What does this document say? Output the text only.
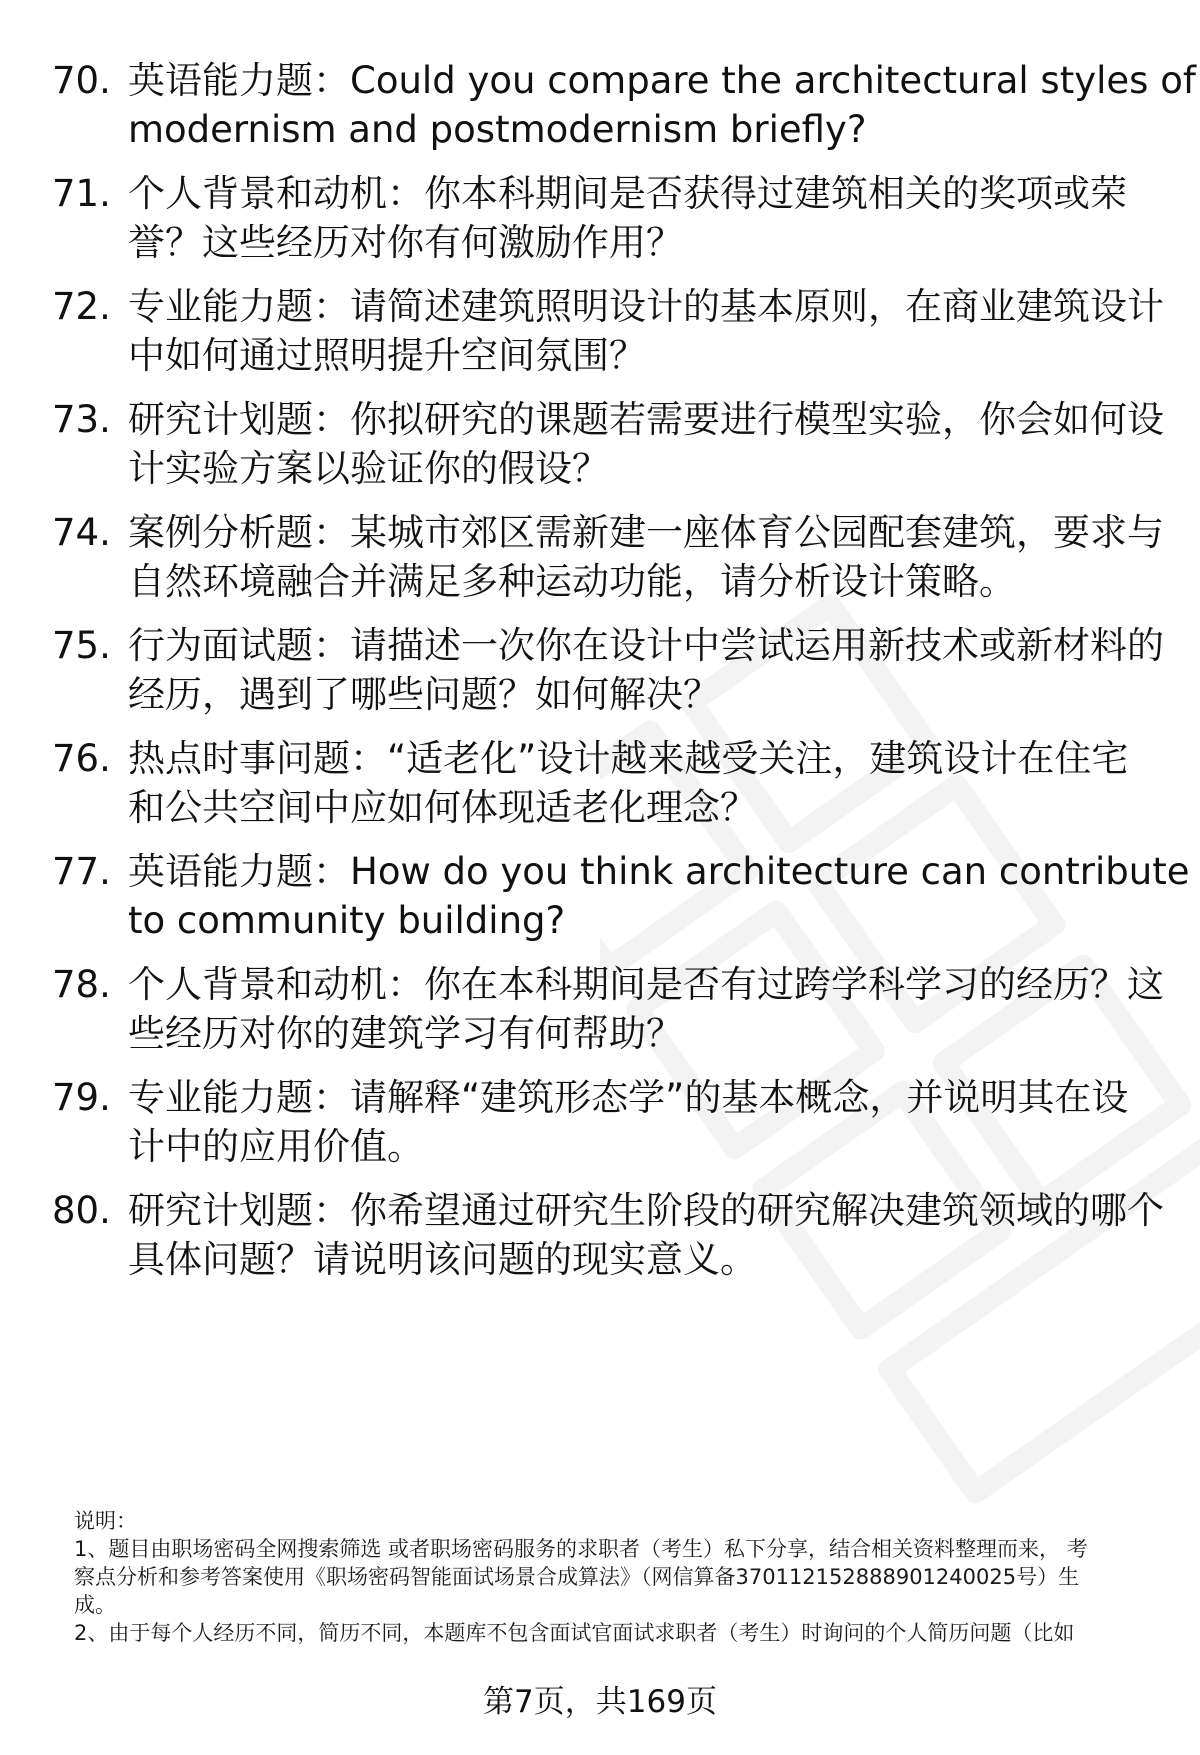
70. 英语能力题：Could you compare the architectural styles of
modernism and postmodernism briefly?
71. 个人背景和动机：你本科期间是否获得过建筑相关的奖项或荣
誉？这些经历对你有何激励作用？
72. 专业能力题：请简述建筑照明设计的基本原则，在商业建筑设计
中如何通过照明提升空间氛围？
73. 研究计划题：你拟研究的课题若需要进行模型实验，你会如何设
计实验方案以验证你的假设？
74. 案例分析题：某城市郊区需新建一座体育公园配套建筑，要求与
自然环境融合并满足多种运动功能，请分析设计策略。
75. 行为面试题：请描述一次你在设计中尝试运用新技术或新材料的
经历，遇到了哪些问题？如何解决？
76. 热点时事问题：“适老化”设计越来越受关注，建筑设计在住宅
和公共空间中应如何体现适老化理念？
77. 英语能力题：How do you think architecture can contribute
to community building?
78. 个人背景和动机：你在本科期间是否有过跨学科学习的经历？这
些经历对你的建筑学习有何帮助？
79. 专业能力题：请解释“建筑形态学”的基本概念，并说明其在设
计中的应用价值。
80. 研究计划题：你希望通过研究生阶段的研究解决建筑领域的哪个
具体问题？请说明该问题的现实意义。
说明：
1、题目由职场密码全网搜索筛选 或者职场密码服务的求职者（考生）私下分享，结合相关资料整理而来， 考
察点分析和参考答案使用《职场密码智能面试场景合成算法》（网信算备370112152888901240025号）生
成。
2、由于每个人经历不同，简历不同，本题库不包含面试官面试求职者（考生）时询问的个人简历问题（比如
第7页，共169页
